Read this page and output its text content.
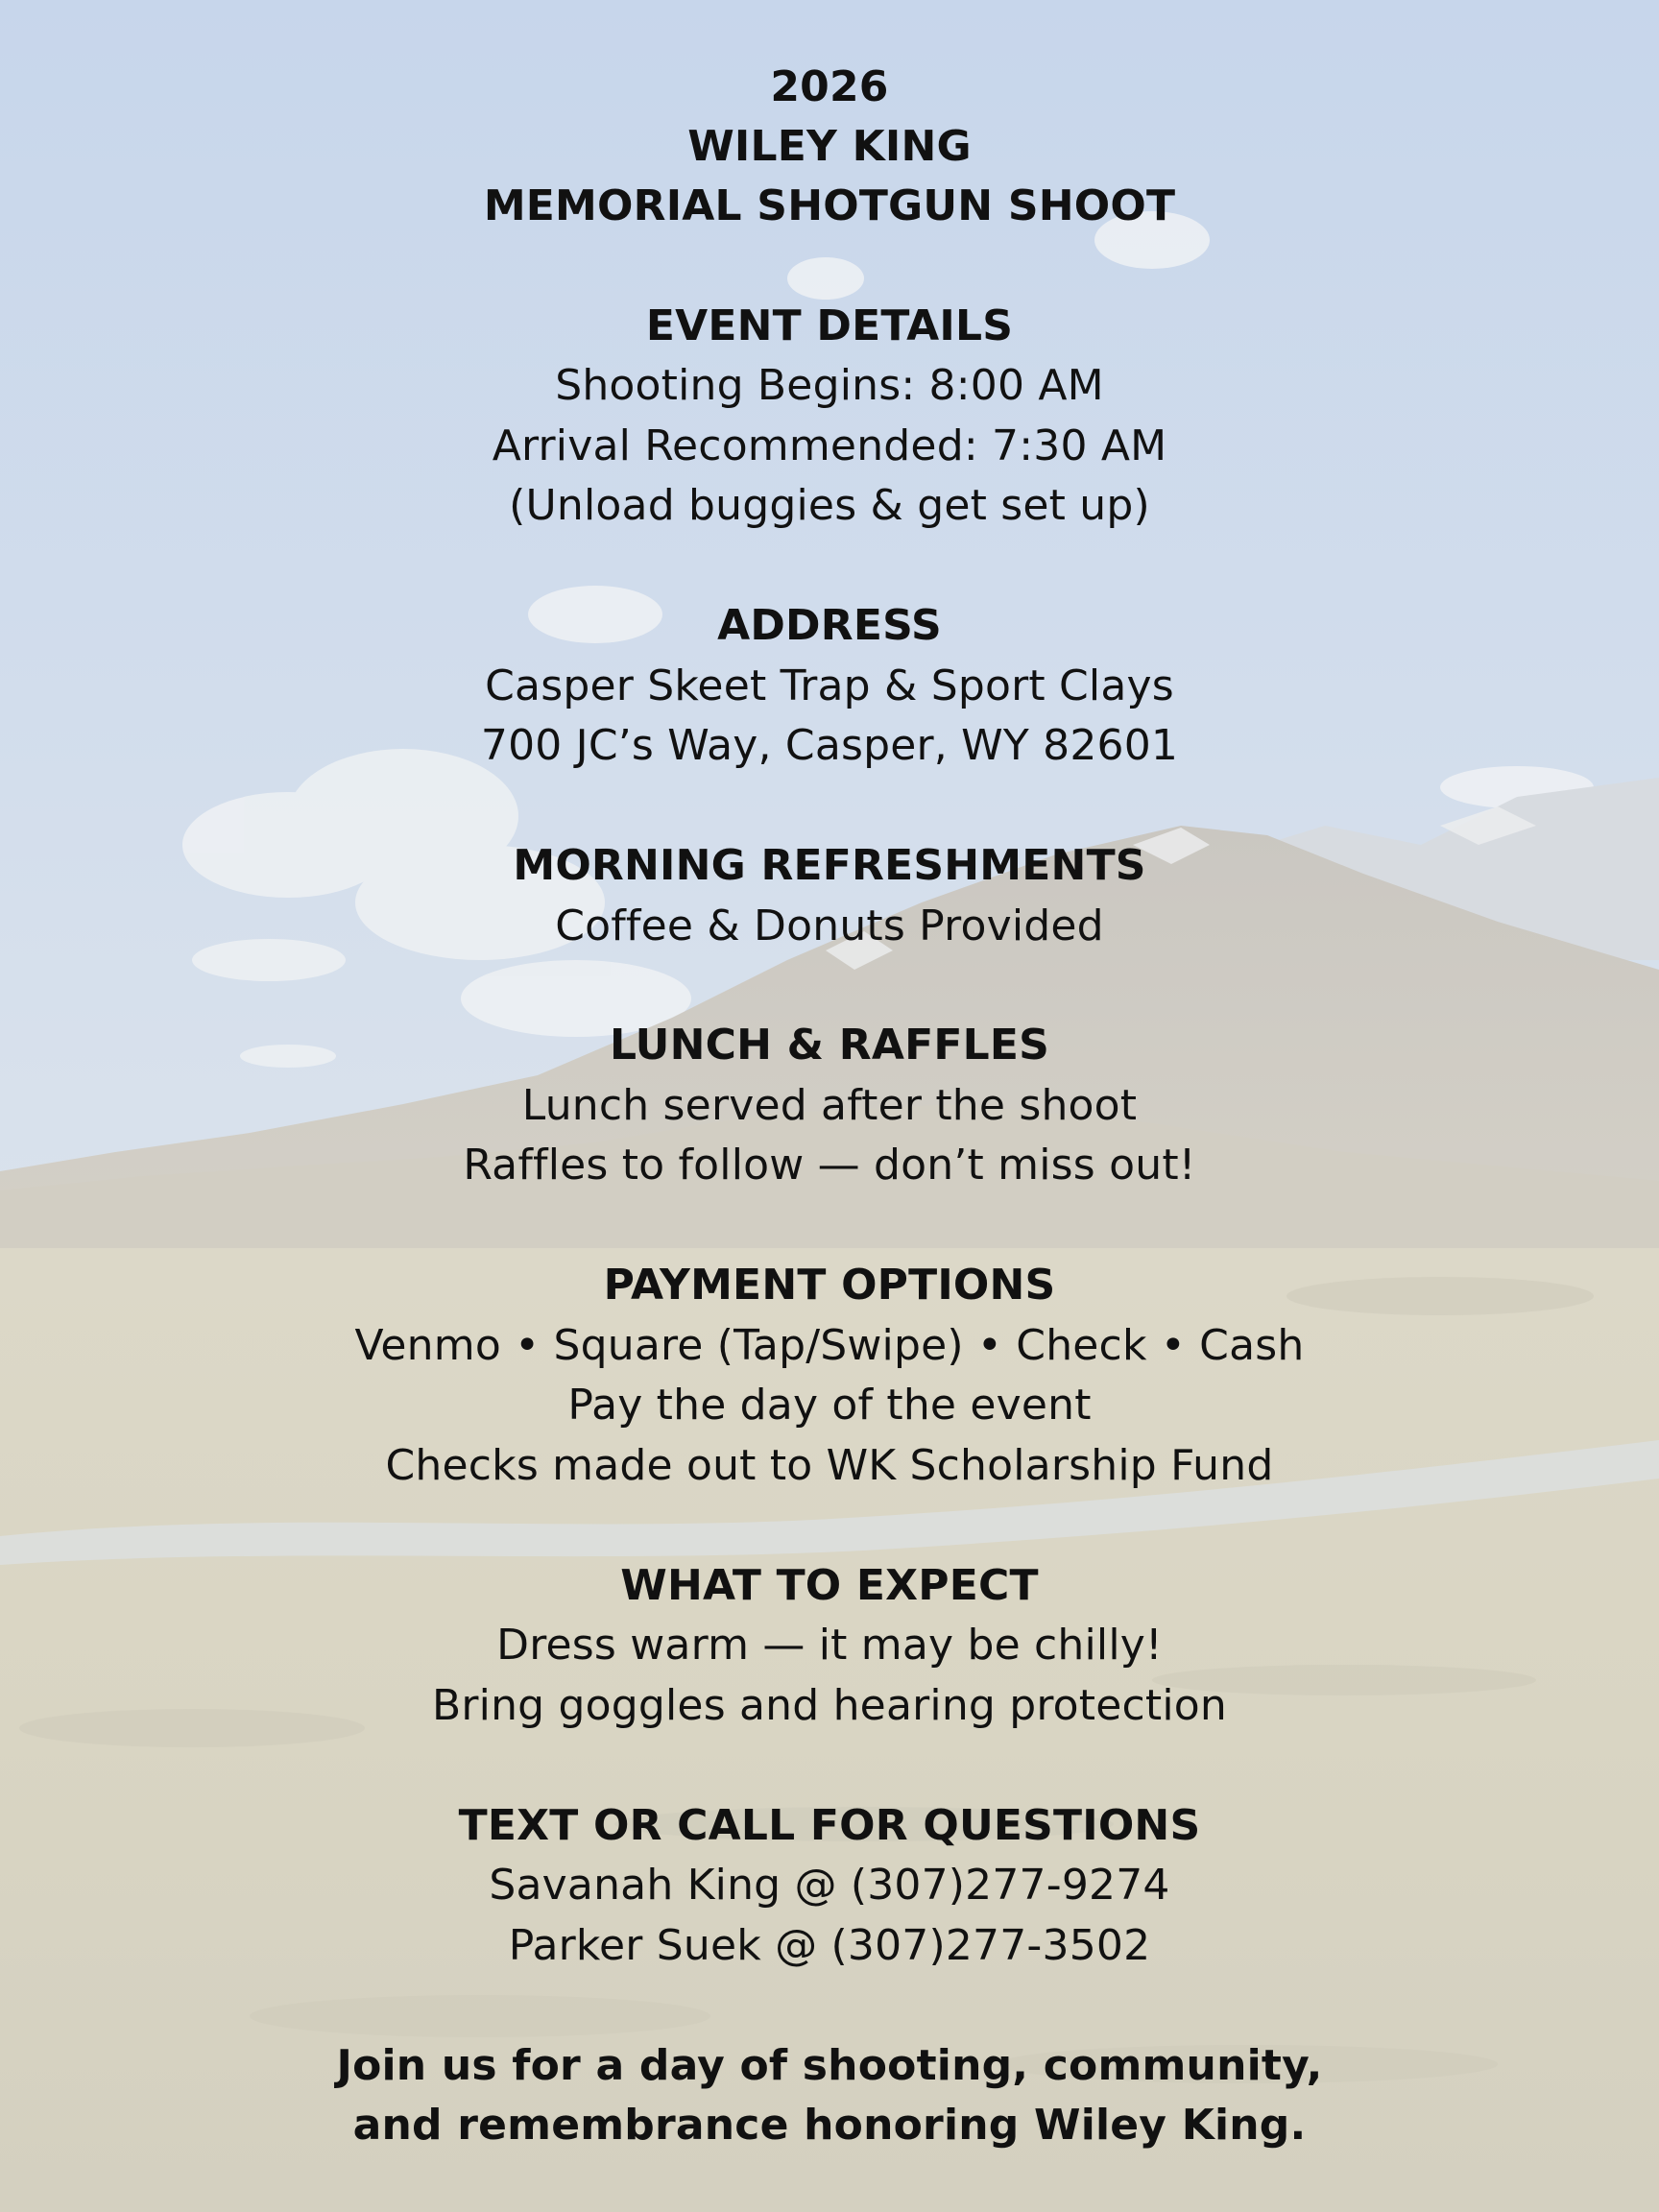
2026
WILEY KING
MEMORIAL SHOTGUN SHOOT
EVENT DETAILS
Shooting Begins: 8:00 AM
Arrival Recommended: 7:30 AM
(Unload buggies & get set up)
ADDRESS
Casper Skeet Trap & Sport Clays
700 JC’s Way, Casper, WY 82601
MORNING REFRESHMENTS
Coffee & Donuts Provided
LUNCH & RAFFLES
Lunch served after the shoot
Raffles to follow — don’t miss out!
PAYMENT OPTIONS
Venmo • Square (Tap/Swipe) • Check • Cash
Pay the day of the event
Checks made out to WK Scholarship Fund
WHAT TO EXPECT
Dress warm — it may be chilly!
Bring goggles and hearing protection
TEXT OR CALL FOR QUESTIONS
Savanah King @ (307)277-9274
Parker Suek @ (307)277-3502
Join us for a day of shooting, community,
and remembrance honoring Wiley King.
